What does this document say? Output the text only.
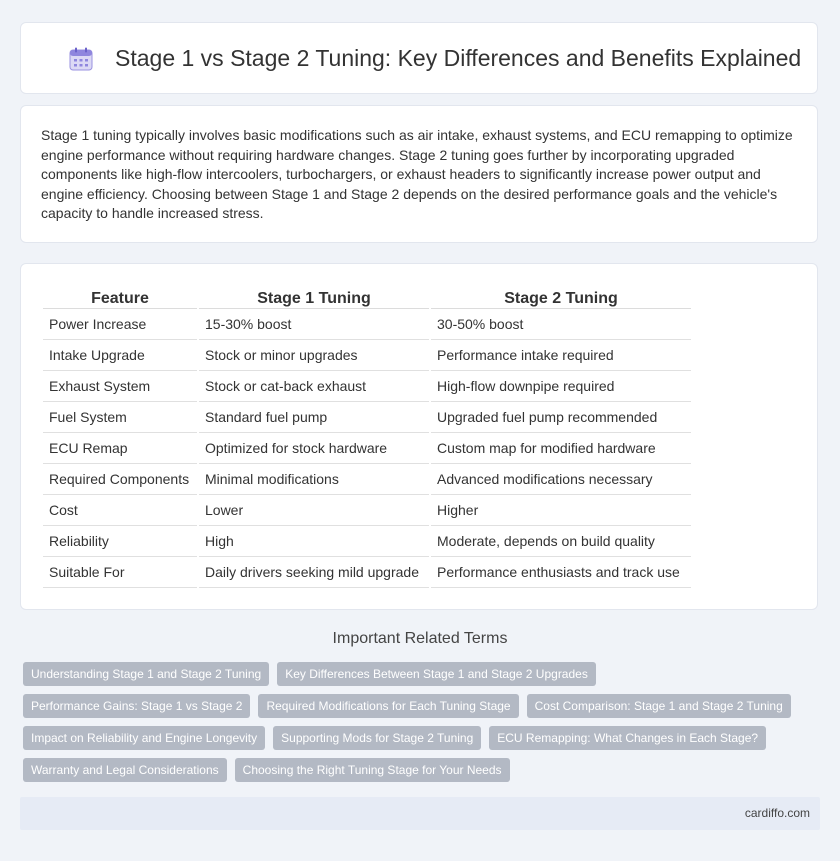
Stage 1 vs Stage 2 Tuning: Key Differences and Benefits Explained

Stage 1 tuning typically involves basic modifications such as air intake, exhaust systems, and ECU remapping to optimize engine performance without requiring hardware changes. Stage 2 tuning goes further by incorporating upgraded components like high-flow intercoolers, turbochargers, or exhaust headers to significantly increase power output and engine efficiency. Choosing between Stage 1 and Stage 2 depends on the desired performance goals and the vehicle's capacity to handle increased stress.

Feature	Stage 1 Tuning	Stage 2 Tuning
Power Increase	15-30% boost	30-50% boost
Intake Upgrade	Stock or minor upgrades	Performance intake required
Exhaust System	Stock or cat-back exhaust	High-flow downpipe required
Fuel System	Standard fuel pump	Upgraded fuel pump recommended
ECU Remap	Optimized for stock hardware	Custom map for modified hardware
Required Components	Minimal modifications	Advanced modifications necessary
Cost	Lower	Higher
Reliability	High	Moderate, depends on build quality
Suitable For	Daily drivers seeking mild upgrade	Performance enthusiasts and track use
Important Related Terms
Understanding Stage 1 and Stage 2 Tuning	Key Differences Between Stage 1 and Stage 2 Upgrades
Performance Gains: Stage 1 vs Stage 2	Required Modifications for Each Tuning Stage	Cost Comparison: Stage 1 and Stage 2 Tuning
Impact on Reliability and Engine Longevity	Supporting Mods for Stage 2 Tuning	ECU Remapping: What Changes in Each Stage?
Warranty and Legal Considerations	Choosing the Right Tuning Stage for Your Needs
cardiffo.com
